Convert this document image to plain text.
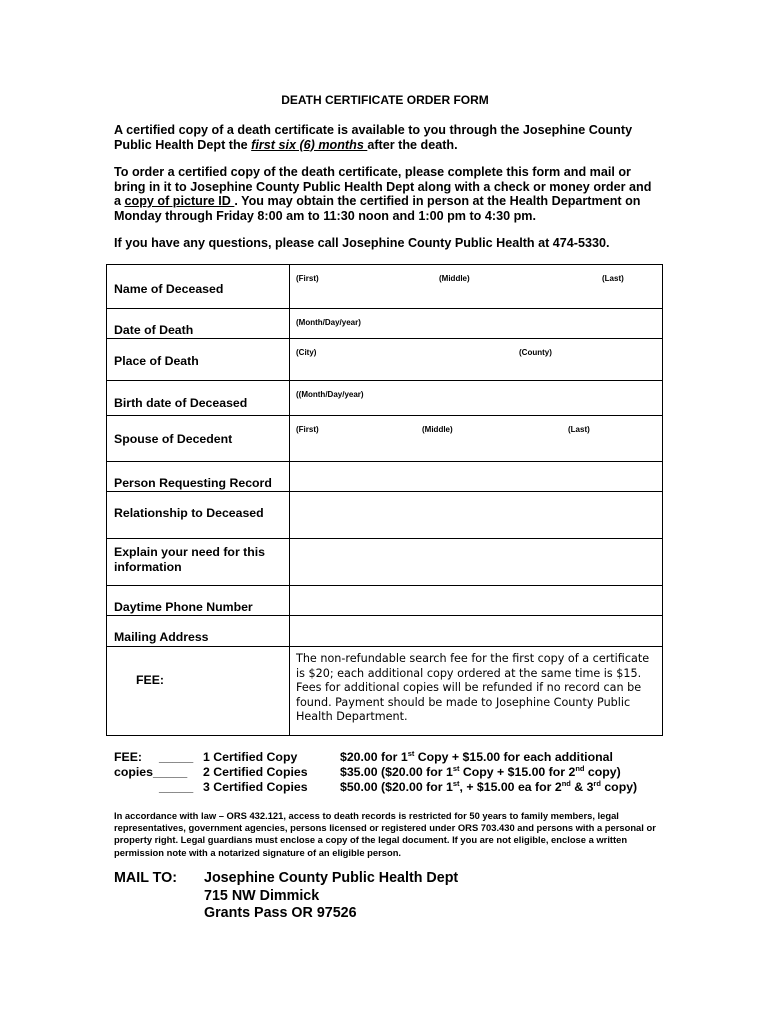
DEATH CERTIFICATE ORDER FORM
A certified copy of a death certificate is available to you through the Josephine County Public Health Dept the first six (6) months after the death.
To order a certified copy of the death certificate, please complete this form and mail or bring in it to Josephine County Public Health Dept along with a check or money order and a copy of picture ID . You may obtain the certified in person at the Health Department on Monday through Friday 8:00 am to 11:30 noon and 1:00 pm to 4:30 pm.
If you have any questions, please call Josephine County Public Health at 474-5330.
Name of Deceased	(First) (Middle) (Last)

Date of Death	(Month/Day/year)

Place of Death	(City) (County)

Birth date of Deceased	((Month/Day/year)

Spouse of Decedent	(First) (Middle) (Last)

Person Requesting Record	

Relationship to Deceased	

Explain your need for this information	

Daytime Phone Number	

Mailing Address	

FEE:	The non-refundable search fee for the first copy of a certificate is $20; each additional copy ordered at the same time is $15. Fees for additional copies will be refunded if no record can be found. Payment should be made to Josephine County Public Health Department.
FEE: _____ 1 Certified Copy	$20.00 for 1st Copy + $15.00 for each additional
copies_____ 2 Certified Copies	$35.00 ($20.00 for 1st Copy + $15.00 for 2nd copy)
_____ 3 Certified Copies	$50.00 ($20.00 for 1st, + $15.00 ea for 2nd & 3rd copy)
In accordance with law – ORS 432.121, access to death records is restricted for 50 years to family members, legal representatives, government agencies, persons licensed or registered under ORS 703.430 and persons with a personal or property right. Legal guardians must enclose a copy of the legal document. If you are not eligible, enclose a written permission note with a notarized signature of an eligible person.
MAIL TO: Josephine County Public Health Dept
715 NW Dimmick
Grants Pass OR 97526
